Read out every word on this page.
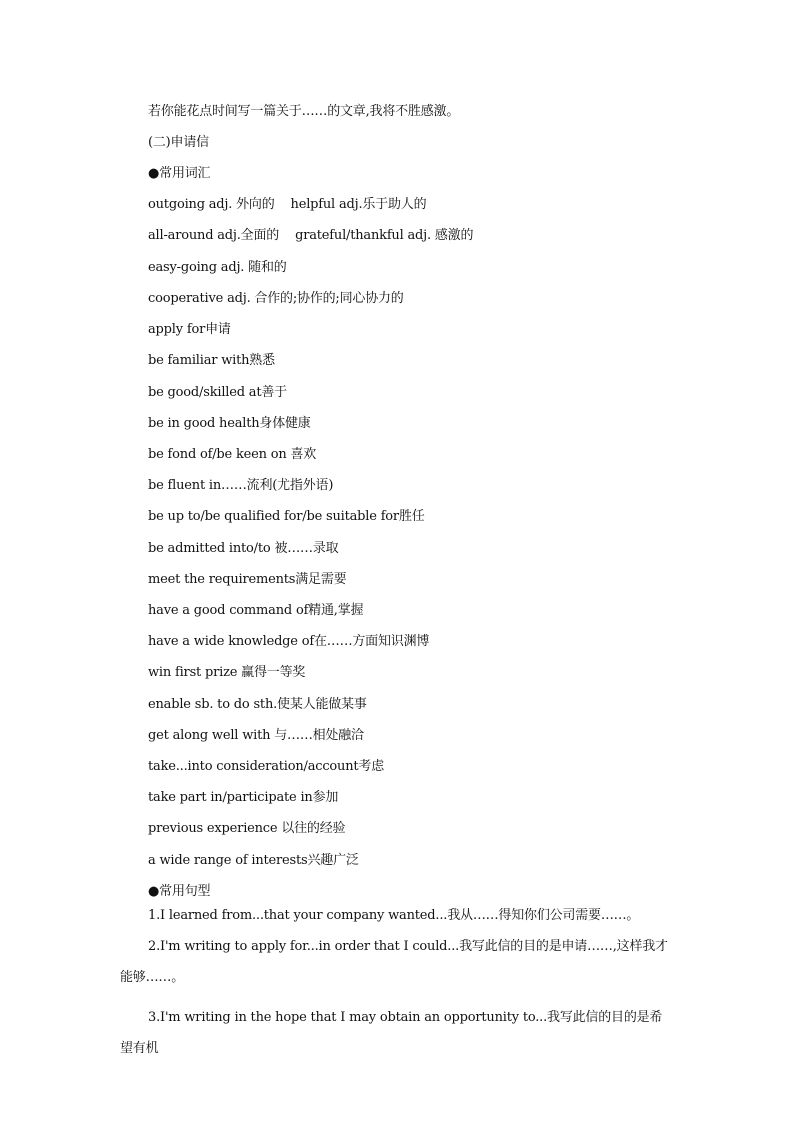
若你能花点时间写一篇关于……的文章,我将不胜感激。
(二)申请信
●常用词汇
outgoing adj. 外向的 helpful adj.乐于助人的
all-around adj.全面的 grateful/thankful adj. 感激的
easy-going adj. 随和的
cooperative adj. 合作的;协作的;同心协力的
apply for申请
be familiar with熟悉
be good/skilled at善于
be in good health身体健康
be fond of/be keen on 喜欢
be fluent in……流利(尤指外语)
be up to/be qualified for/be suitable for胜任
be admitted into/to 被……录取
meet the requirements满足需要
have a good command of精通,掌握
have a wide knowledge of在……方面知识渊博
win first prize 赢得一等奖
enable sb. to do sth.使某人能做某事
get along well with 与……相处融洽
take...into consideration/account考虑
take part in/participate in参加
previous experience 以往的经验
a wide range of interests兴趣广泛
●常用句型

1.I learned from...that your company wanted...我从……得知你们公司需要……。

2.I'm writing to apply for...in order that I could...我写此信的目的是申请……,这样我才能够……。

3.I'm writing in the hope that I may obtain an opportunity to...我写此信的目的是希望有机
